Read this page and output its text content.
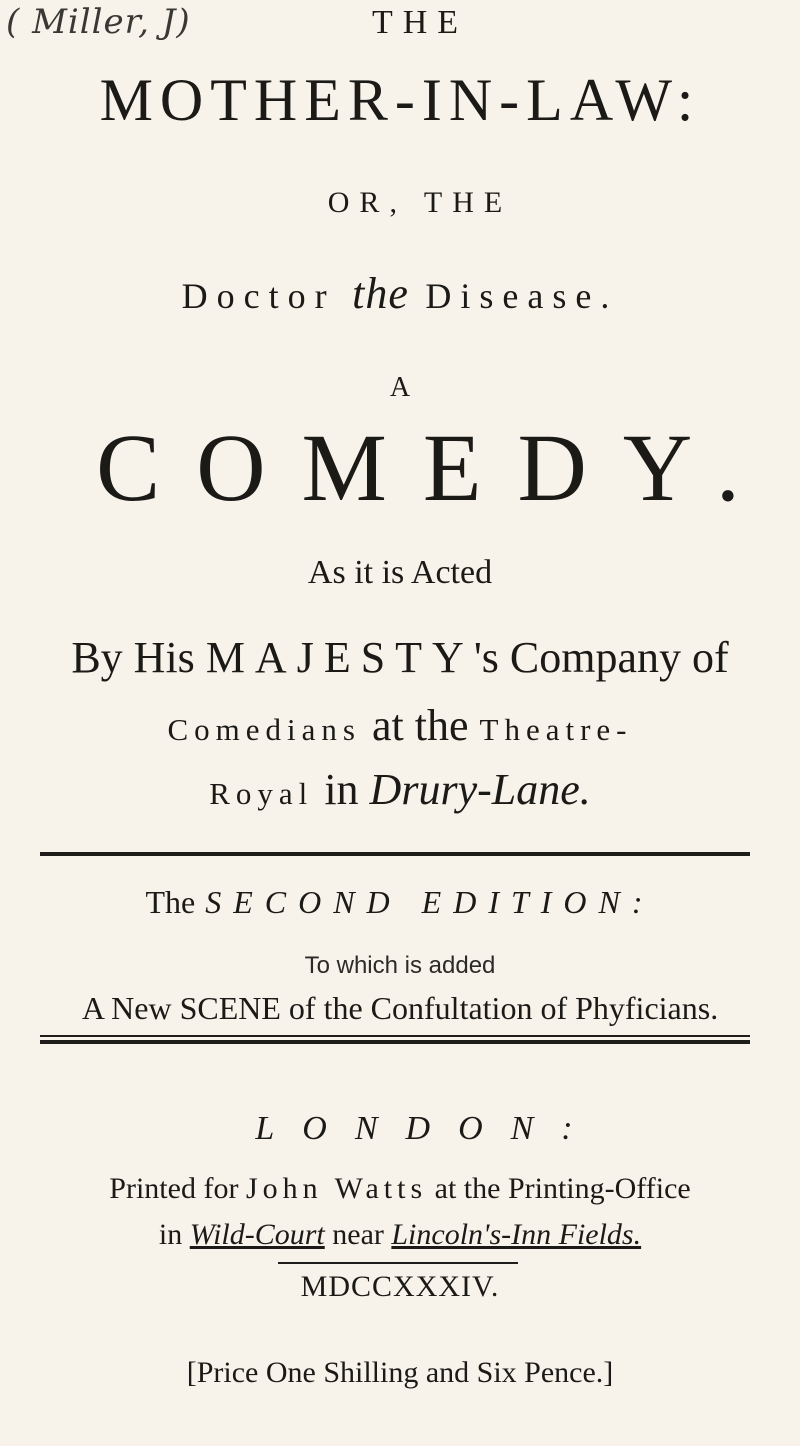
( Miller, J)	THE
MOTHER-IN-LAW:
OR, THE
Doctor the Disease.
A
COMEDY.
As it is Acted
By His MAJESTY's Company of
Comedians at the Theatre-
Royal in Drury-Lane.
The SECOND EDITION:
To which is added
A New SCENE of the Confultation of Phyficians.
LONDON:
Printed for John Watts at the Printing-Office
in Wild-Court near Lincoln's-Inn Fields.
MDCCXXXIV.
[Price One Shilling and Six Pence.]
